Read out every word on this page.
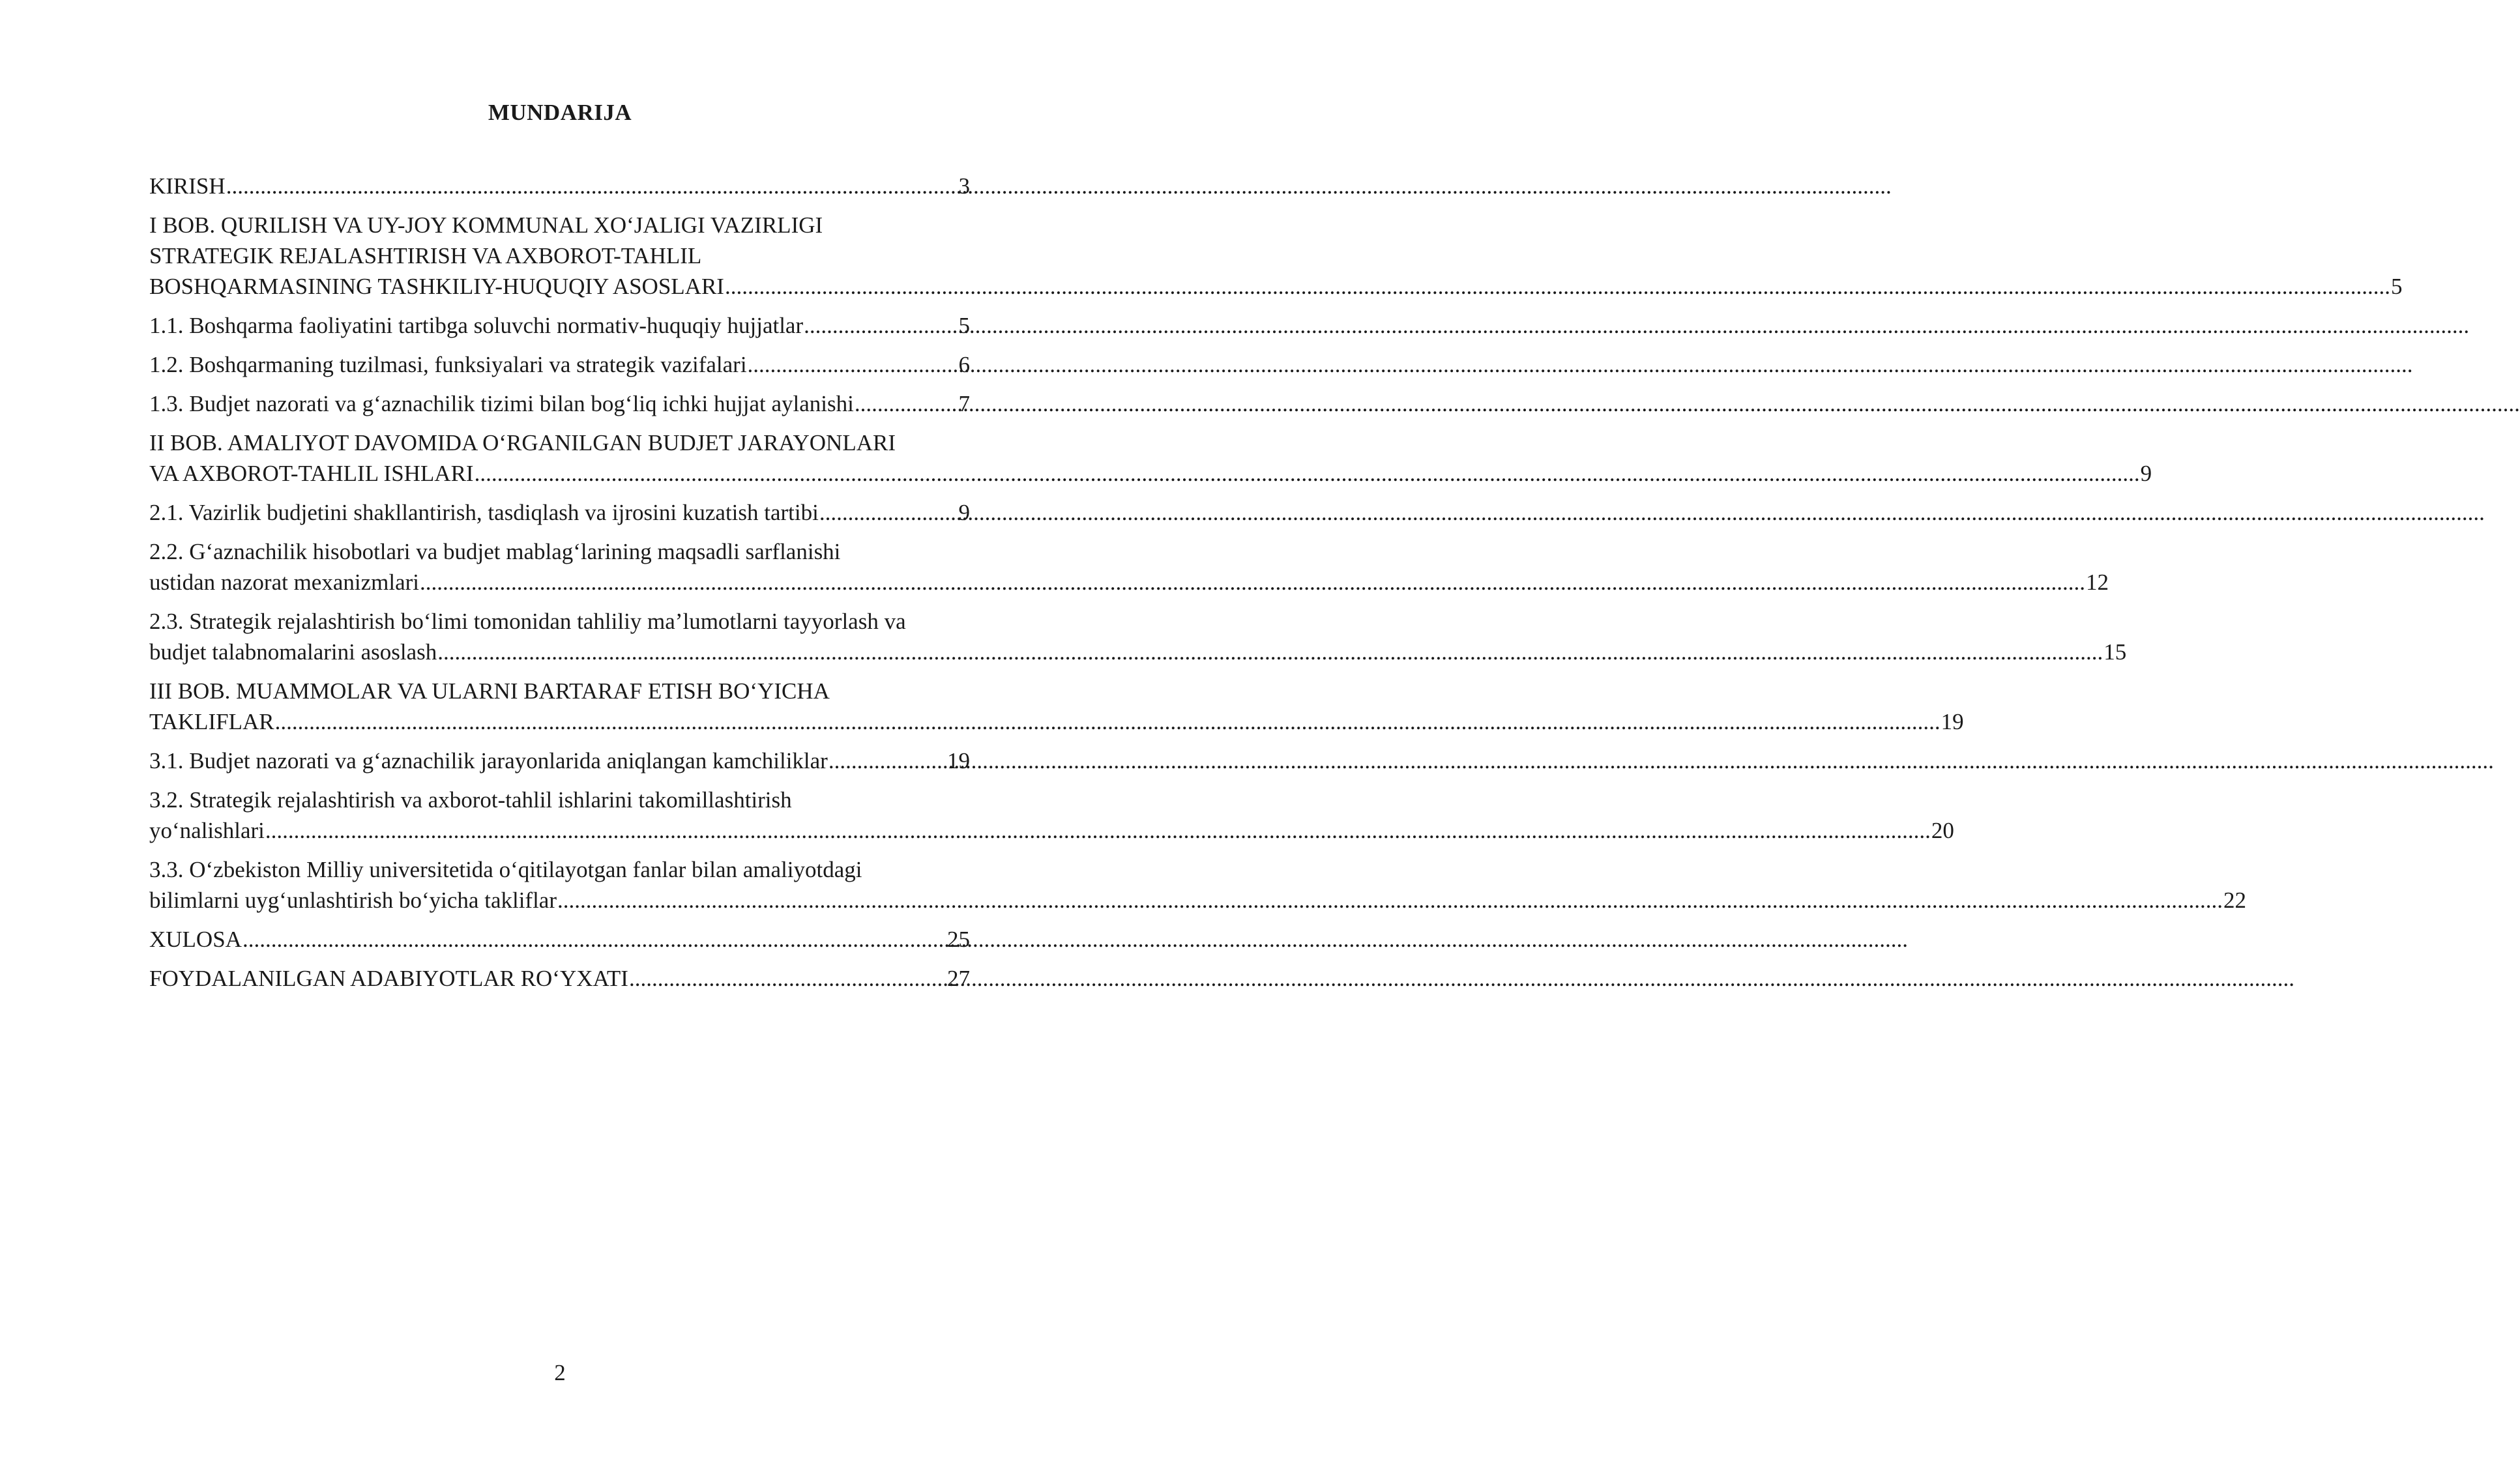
MUNDARIJA
KIRISH .....	3
I BOB. QURILISH VA UY-JOY KOMMUNAL XO‘JALIGI VAZIRLIGI
STRATEGIK REJALASHTIRISH VA AXBOROT-TAHLIL
BOSHQARMASINING TASHKILIY-HUQUQIY ASOSLARI .....	5
1.1. Boshqarma faoliyatini tartibga soluvchi normativ-huquqiy hujjatlar .....	5
1.2. Boshqarmaning tuzilmasi, funksiyalari va strategik vazifalari .....	6
1.3. Budjet nazorati va g‘aznachilik tizimi bilan bog‘liq ichki hujjat aylanishi .....	7
II BOB. AMALIYOT DAVOMIDA O‘RGANILGAN BUDJET JARAYONLARI
VA AXBOROT-TAHLIL ISHLARI .....	9
2.1. Vazirlik budjetini shakllantirish, tasdiqlash va ijrosini kuzatish tartibi .....	9
2.2. G‘aznachilik hisobotlari va budjet mablag‘larining maqsadli sarflanishi
ustidan nazorat mexanizmlari .....	12
2.3. Strategik rejalashtirish bo‘limi tomonidan tahliliy ma’lumotlarni tayyorlash va
budjet talabnomalarini asoslash .....	15
III BOB. MUAMMOLAR VA ULARNI BARTARAF ETISH BO‘YICHA
TAKLIFLAR .....	19
3.1. Budjet nazorati va g‘aznachilik jarayonlarida aniqlangan kamchiliklar .....	19
3.2. Strategik rejalashtirish va axborot-tahlil ishlarini takomillashtirish
yo‘nalishlari .....	20
3.3. O‘zbekiston Milliy universitetida o‘qitilayotgan fanlar bilan amaliyotdagi
bilimlarni uyg‘unlashtirish bo‘yicha takliflar .....	22
XULOSA .....	25
FOYDALANILGAN ADABIYOTLAR RO‘YXATI .....	27
2
